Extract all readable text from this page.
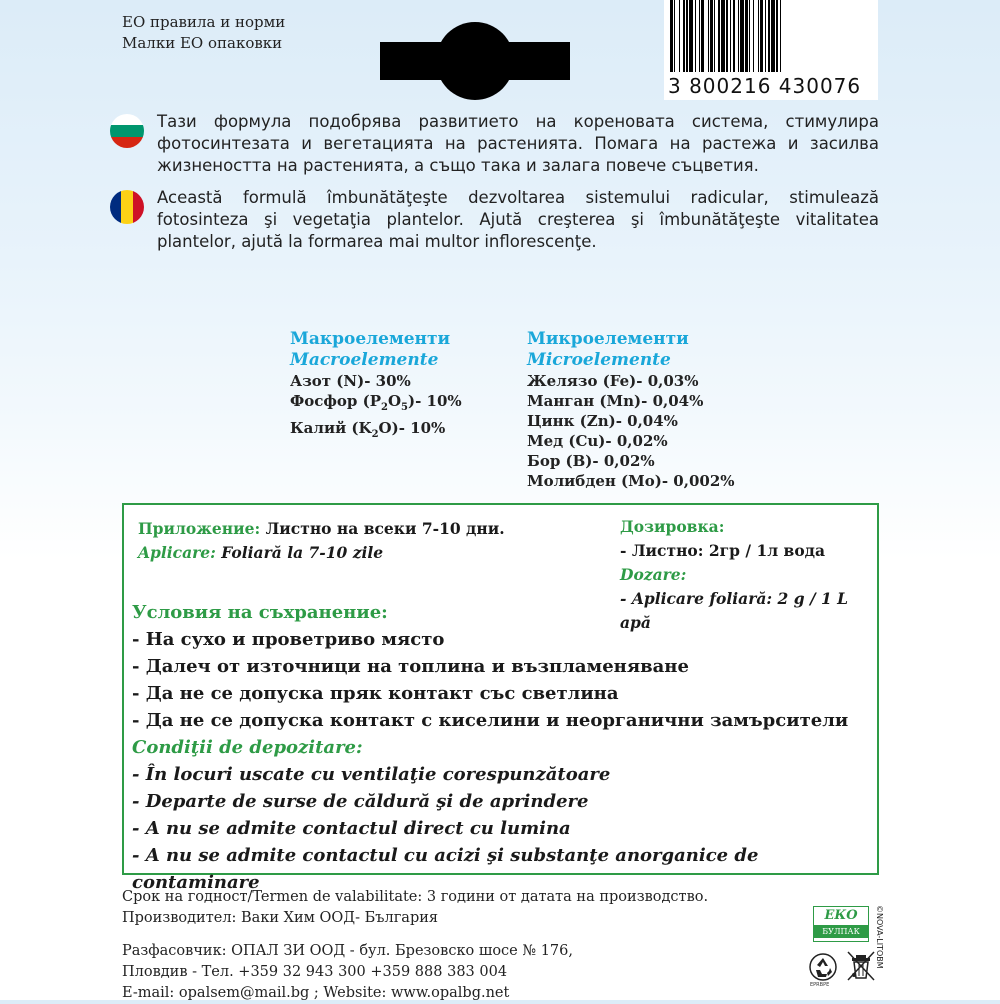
ЕО правила и норми
Малки ЕО опаковки
3 800216 430076
Тази формула подобрява развитието на кореновата система, стимулира фотосинтезата и вегетацията на растенията. Помага на растежа и засилва жизнеността на растенията, а също така и залага повече съцветия.
Această formulă îmbunătăţeşte dezvoltarea sistemului radicular, stimulează fotosinteza şi vegetaţia plantelor. Ajută creşterea şi îmbunătăţeşte vitalitatea plantelor, ajută la formarea mai multor inflorescenţe.
Макроелементи
Macroelemente
Азот (N)- 30%
Фосфор $(P_2O_5)-$ 10%
Калий $(K_2O)-$ 10%
Микроелементи
Microelemente
Желязо (Fe)- 0,03%
Манган (Mn)- 0,04%
Цинк (Zn)- 0,04%
Мед (Cu)- 0,02%
Бор (B)- 0,02%
Молибден (Mo)- 0,002%
Приложение: Листно на всеки 7-10 дни.
Aplicare: Foliară la 7-10 zile
Дозировка:
- Листно: 2гр / 1л вода
Dozare:
- Aplicare foliară: 2 g / 1 L apă
Условия на съхранение:
- На сухо и проветриво място
- Далеч от източници на топлина и възпламеняване
- Да не се допуска пряк контакт със светлина
- Да не се допуска контакт с киселини и неорганични замърсители
Condiţii de depozitare:
- În locuri uscate cu ventilaţie corespunzătoare
- Departe de surse de căldură şi de aprindere
- A nu se admite contactul direct cu lumina
- A nu se admite contactul cu acizi şi substanţe anorganice de contaminare
Срок на годност/Termen de valabilitate: 3 години от датата на производство.
Производител: Ваки Хим ООД- България
Разфасовчик: ОПАЛ ЗИ ООД - бул. Брезовско шосе № 176,
Пловдив - Тел. +359 32 943 300 +359 888 383 004
E-mail: opalsem@mail.bg ; Website: www.opalbg.net
ЕКО
БУЛПАК
EPRBPE
©NOVA-LITOBM
